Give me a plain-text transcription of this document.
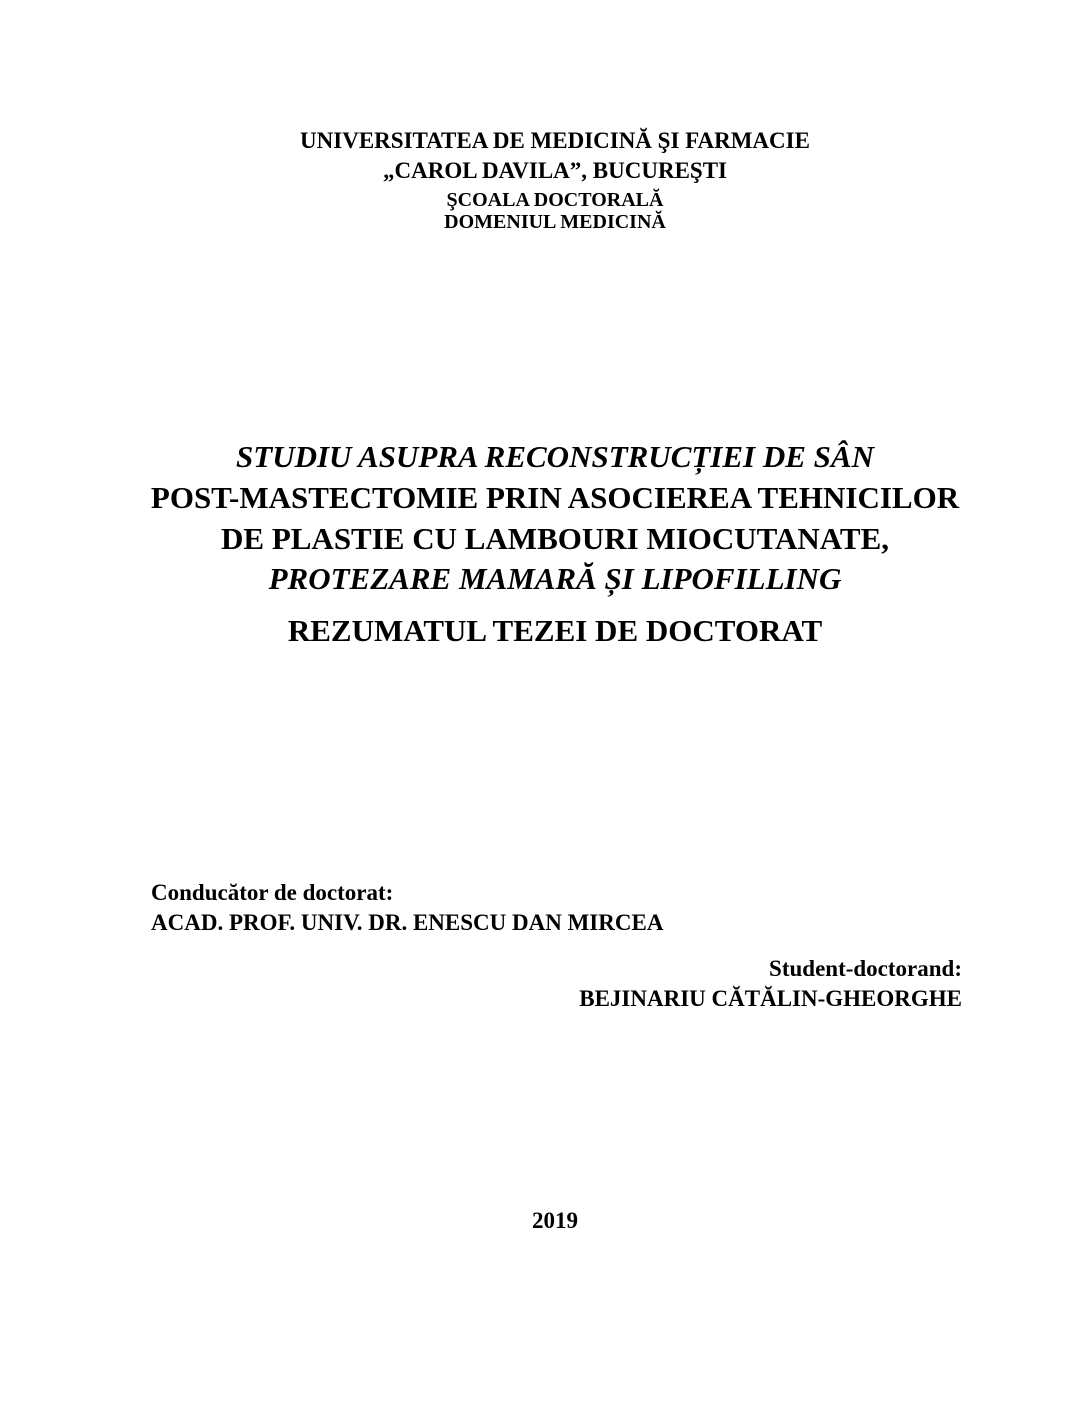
UNIVERSITATEA DE MEDICINĂ ŞI FARMACIE
„CAROL DAVILA”, BUCUREŞTI
ŞCOALA DOCTORALĂ
DOMENIUL MEDICINĂ
STUDIU ASUPRA RECONSTRUCȚIEI DE SÂN
POST-MASTECTOMIE PRIN ASOCIEREA TEHNICILOR
DE PLASTIE CU LAMBOURI MIOCUTANATE,
PROTEZARE MAMARĂ ȘI LIPOFILLING
REZUMATUL TEZEI DE DOCTORAT
Conducător de doctorat:
ACAD. PROF. UNIV. DR. ENESCU DAN MIRCEA
Student-doctorand:
BEJINARIU CĂTĂLIN-GHEORGHE
2019
